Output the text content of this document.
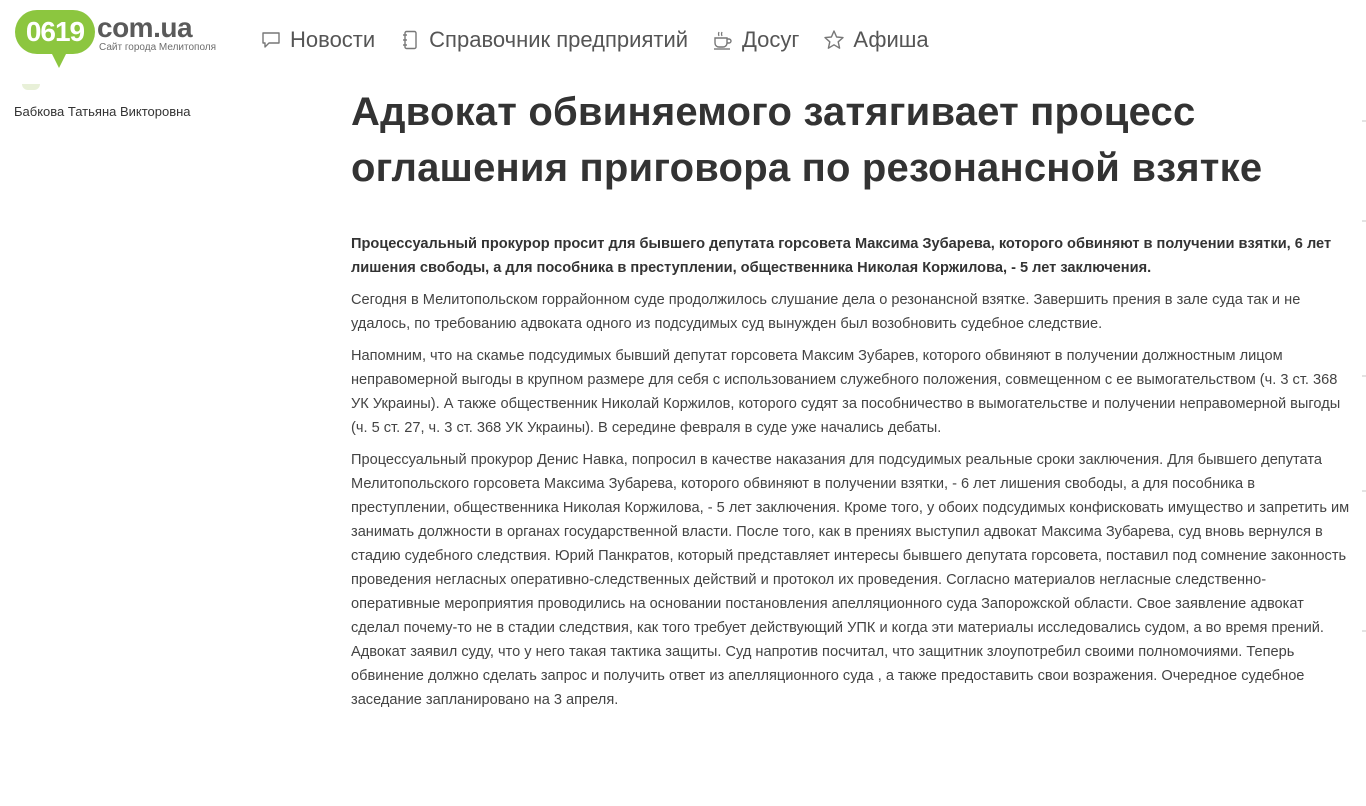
0619 com.ua
Сайт города Мелитополя	Новости Справочник предприятий Досуг Афиша
Бабкова Татьяна Викторовна	Адвокат обвиняемого затягивает процесс оглашения приговора по резонансной взятке

Процессуальный прокурор просит для бывшего депутата горсовета Максима Зубарева, которого обвиняют в получении взятки, 6 лет лишения свободы, а для пособника в преступлении, общественника Николая Коржилова, - 5 лет заключения.

Сегодня в Мелитопольском горрайонном суде продолжилось слушание дела о резонансной взятке. Завершить прения в зале суда так и не удалось, по требованию адвоката одного из подсудимых суд вынужден был возобновить судебное следствие.

Напомним, что на скамье подсудимых бывший депутат горсовета Максим Зубарев, которого обвиняют в получении должностным лицом неправомерной выгоды в крупном размере для себя с использованием служебного положения, совмещенном с ее вымогательством (ч. 3 ст. 368 УК Украины). А также общественник Николай Коржилов, которого судят за пособничество в вымогательстве и получении неправомерной выгоды (ч. 5 ст. 27, ч. 3 ст. 368 УК Украины). В середине февраля в суде уже начались дебаты.

Процессуальный прокурор Денис Навка, попросил в качестве наказания для подсудимых реальные сроки заключения. Для бывшего депутата Мелитопольского горсовета Максима Зубарева, которого обвиняют в получении взятки, - 6 лет лишения свободы, а для пособника в преступлении, общественника Николая Коржилова, - 5 лет заключения. Кроме того, у обоих подсудимых конфисковать имущество и запретить им занимать должности в органах государственной власти. После того, как в прениях выступил адвокат Максима Зубарева, суд вновь вернулся в стадию судебного следствия. Юрий Панкратов, который представляет интересы бывшего депутата горсовета, поставил под сомнение законность проведения негласных оперативно-следственных действий и протокол их проведения. Согласно материалов негласные следственно-оперативные мероприятия проводились на основании постановления апелляционного суда Запорожской области. Свое заявление адвокат сделал почему-то не в стадии следствия, как того требует действующий УПК и когда эти материалы исследовались судом, а во время прений. Адвокат заявил суду, что у него такая тактика защиты. Суд напротив посчитал, что защитник злоупотребил своими полномочиями. Теперь обвинение должно сделать запрос и получить ответ из апелляционного суда , а также предоставить свои возражения. Очередное судебное заседание запланировано на 3 апреля.
